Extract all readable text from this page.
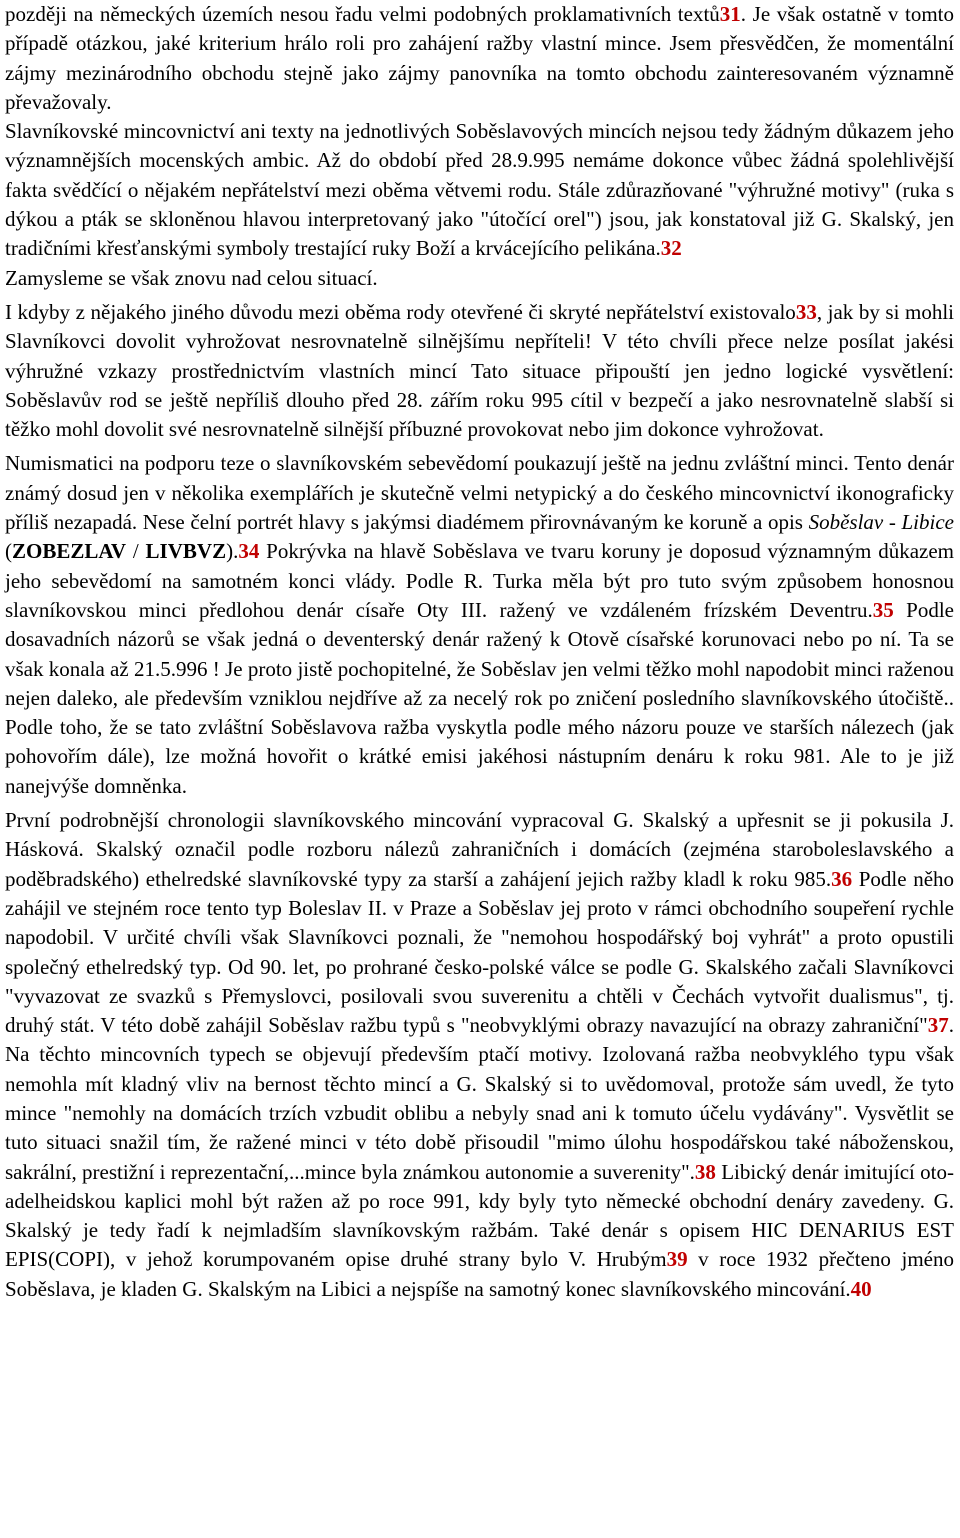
později na německých územích nesou řadu velmi podobných proklamativních textů31. Je však ostatně v tomto případě otázkou, jaké kriterium hrálo roli pro zahájení ražby vlastní mince. Jsem přesvědčen, že momentální zájmy mezinárodního obchodu stejně jako zájmy panovníka na tomto obchodu zainteresovaném významně převažovaly.

Slavníkovské mincovnictví ani texty na jednotlivých Soběslavových mincích nejsou tedy žádným důkazem jeho významnějších mocenských ambic. Až do období před 28.9.995 nemáme dokonce vůbec žádná spolehlivější fakta svědčící o nějakém nepřátelství mezi oběma větvemi rodu. Stále zdůrazňované "výhružné motivy" (ruka s dýkou a pták se skloněnou hlavou interpretovaný jako "útočící orel") jsou, jak konstatoval již G. Skalský, jen tradičními křesťanskými symboly trestající ruky Boží a krvácejícího pelikána.32

Zamysleme se však znovu nad celou situací.

I kdyby z nějakého jiného důvodu mezi oběma rody otevřené či skryté nepřátelství existovalo33, jak by si mohli Slavníkovci dovolit vyhrožovat nesrovnatelně silnějšímu nepříteli! V této chvíli přece nelze posílat jakési výhružné vzkazy prostřednictvím vlastních mincí Tato situace připouští jen jedno logické vysvětlení: Soběslavův rod se ještě nepříliš dlouho před 28. zářím roku 995 cítil v bezpečí a jako nesrovnatelně slabší si těžko mohl dovolit své nesrovnatelně silnější příbuzné provokovat nebo jim dokonce vyhrožovat.

Numismatici na podporu teze o slavníkovském sebevědomí poukazují ještě na jednu zvláštní minci. Tento denár známý dosud jen v několika exemplářích je skutečně velmi netypický a do českého mincovnictví ikonograficky příliš nezapadá. Nese čelní portrét hlavy s jakýmsi diadémem přirovnávaným ke koruně a opis Soběslav - Libice (ZOBEZLAV / LIVBVZ).34 Pokrývka na hlavě Soběslava ve tvaru koruny je doposud významným důkazem jeho sebevědomí na samotném konci vlády. Podle R. Turka měla být pro tuto svým způsobem honosnou slavníkovskou minci předlohou denár císaře Oty III. ražený ve vzdáleném frízském Deventru.35 Podle dosavadních názorů se však jedná o deventerský denár ražený k Otově císařské korunovaci nebo po ní. Ta se však konala až 21.5.996 ! Je proto jistě pochopitelné, že Soběslav jen velmi těžko mohl napodobit minci raženou nejen daleko, ale především vzniklou nejdříve až za necelý rok po zničení posledního slavníkovského útočiště.. Podle toho, že se tato zvláštní Soběslavova ražba vyskytla podle mého názoru pouze ve starších nálezech (jak pohovořím dále), lze možná hovořit o krátké emisi jakéhosi nástupním denáru k roku 981. Ale to je již nanejvýše domněnka.

První podrobnější chronologii slavníkovského mincování vypracoval G. Skalský a upřesnit se ji pokusila J. Hásková. Skalský označil podle rozboru nálezů zahraničních i domácích (zejména staroboleslavského a poděbradského) ethelredské slavníkovské typy za starší a zahájení jejich ražby kladl k roku 985.36 Podle něho zahájil ve stejném roce tento typ Boleslav II. v Praze a Soběslav jej proto v rámci obchodního soupeření rychle napodobil. V určité chvíli však Slavníkovci poznali, že "nemohou hospodářský boj vyhrát" a proto opustili společný ethelredský typ. Od 90. let, po prohrané česko-polské válce se podle G. Skalského začali Slavníkovci "vyvazovat ze svazků s Přemyslovci, posilovali svou suverenitu a chtěli v Čechách vytvořit dualismus", tj. druhý stát. V této době zahájil Soběslav ražbu typů s "neobvyklými obrazy navazující na obrazy zahraniční"37. Na těchto mincovních typech se objevují především ptačí motivy. Izolovaná ražba neobvyklého typu však nemohla mít kladný vliv na bernost těchto mincí a G. Skalský si to uvědomoval, protože sám uvedl, že tyto mince "nemohly na domácích trzích vzbudit oblibu a nebyly snad ani k tomuto účelu vydávány". Vysvětlit se tuto situaci snažil tím, že ražené minci v této době přisoudil "mimo úlohu hospodářskou také náboženskou, sakrální, prestižní i reprezentační,...mince byla známkou autonomie a suverenity".38 Libický denár imitující oto-adelheidskou kaplici mohl být ražen až po roce 991, kdy byly tyto německé obchodní denáry zavedeny. G. Skalský je tedy řadí k nejmladším slavníkovským ražbám. Také denár s opisem HIC DENARIUS EST EPIS(COPI), v jehož korumpovaném opise druhé strany bylo V. Hrubým39 v roce 1932 přečteno jméno Soběslava, je kladen G. Skalským na Libici a nejspíše na samotný konec slavníkovského mincování.40
